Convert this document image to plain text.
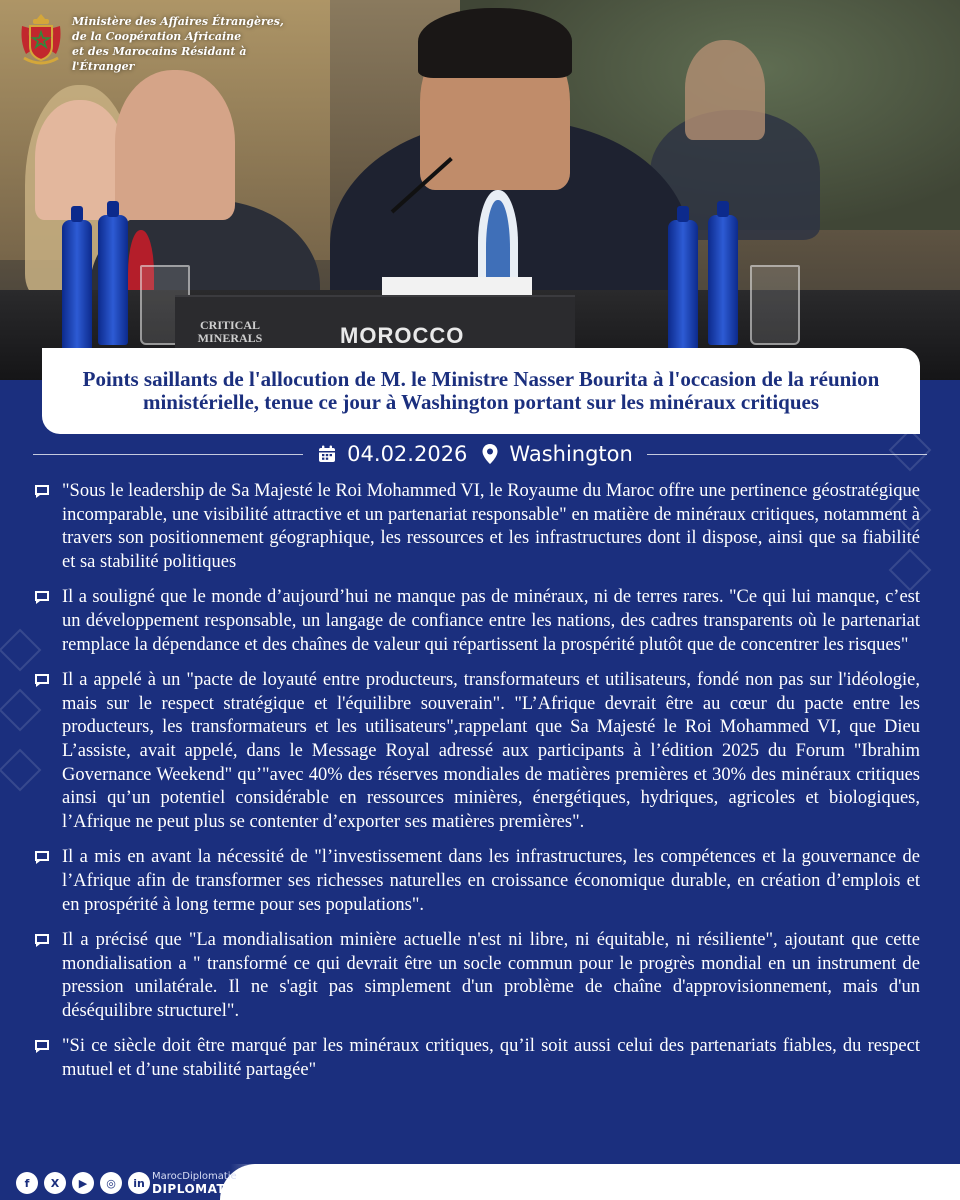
CRITICAL MINERALS	MOROCCO
Ministère des Affaires Étrangères,
de la Coopération Africaine
et des Marocains Résidant à l'Étranger
Points saillants de l'allocution de M. le Ministre Nasser Bourita à l'occasion de la réunion ministérielle, tenue ce jour à Washington portant sur les minéraux critiques
04.02.2026 Washington
"Sous le leadership de Sa Majesté le Roi Mohammed VI, le Royaume du Maroc offre une pertinence géostratégique incomparable, une visibilité attractive et un partenariat responsable" en matière de minéraux critiques, notamment à travers son positionnement géographique, les ressources et les infrastructures dont il dispose, ainsi que sa fiabilité et sa stabilité politiques
Il a souligné que le monde d’aujourd’hui ne manque pas de minéraux, ni de terres rares. "Ce qui lui manque, c’est un développement responsable, un langage de confiance entre les nations, des cadres transparents où le partenariat remplace la dépendance et des chaînes de valeur qui répartissent la prospérité plutôt que de concentrer les risques"
Il a appelé à un "pacte de loyauté entre producteurs, transformateurs et utilisateurs, fondé non pas sur l'idéologie, mais sur le respect stratégique et l'équilibre souverain". "L’Afrique devrait être au cœur du pacte entre les producteurs, les transformateurs et les utilisateurs",rappelant que Sa Majesté le Roi Mohammed VI, que Dieu L’assiste, avait appelé, dans le Message Royal adressé aux participants à l’édition 2025 du Forum "Ibrahim Governance Weekend" qu’"avec 40% des réserves mondiales de matières premières et 30% des minéraux critiques ainsi qu’un potentiel considérable en ressources minières, énergétiques, hydriques, agricoles et biologiques, l’Afrique ne peut plus se contenter d’exporter ses matières premières".
Il a mis en avant la nécessité de "l’investissement dans les infrastructures, les compétences et la gouvernance de l’Afrique afin de transformer ses richesses naturelles en croissance économique durable, en création d’emplois et en prospérité à long terme pour ses populations".
Il a précisé que "La mondialisation minière actuelle n'est ni libre, ni équitable, ni résiliente", ajoutant que cette mondialisation a " transformé ce qui devrait être un socle commun pour le progrès mondial en un instrument de pression unilatérale. Il ne s'agit pas simplement d'un problème de chaîne d'approvisionnement, mais d'un déséquilibre structurel".
"Si ce siècle doit être marqué par les minéraux critiques, qu’il soit aussi celui des partenariats fiables, du respect mutuel et d’une stabilité partagée"
f	X	▶	◎	in MarocDiplomatie
DIPLOMATIE.MA
